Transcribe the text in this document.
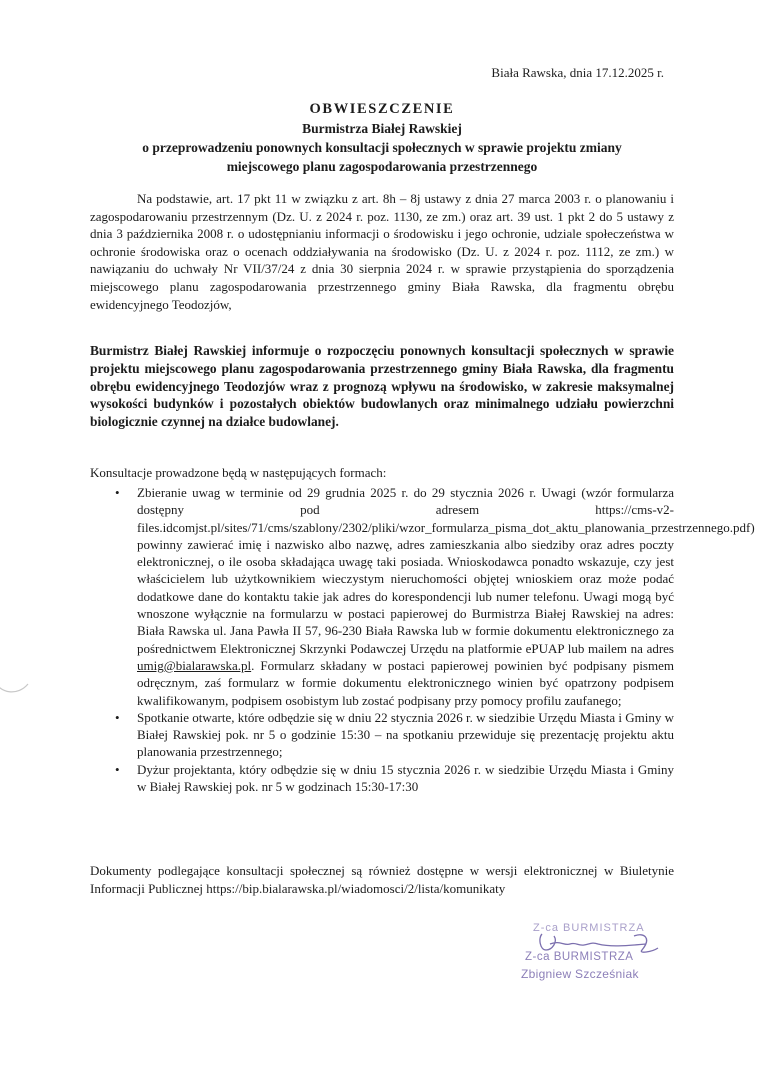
Biała Rawska, dnia 17.12.2025 r.
OBWIESZCZENIE
Burmistrza Białej Rawskiej
o przeprowadzeniu ponownych konsultacji społecznych w sprawie projektu zmiany
miejscowego planu zagospodarowania przestrzennego
Na podstawie, art. 17 pkt 11 w związku z art. 8h – 8j ustawy z dnia 27 marca 2003 r. o planowaniu i zagospodarowaniu przestrzennym (Dz. U. z 2024 r. poz. 1130, ze zm.) oraz art. 39 ust. 1 pkt 2 do 5 ustawy z dnia 3 października 2008 r. o udostępnianiu informacji o środowisku i jego ochronie, udziale społeczeństwa w ochronie środowiska oraz o ocenach oddziaływania na środowisko (Dz. U. z 2024 r. poz. 1112, ze zm.) w nawiązaniu do uchwały Nr VII/37/24 z dnia 30 sierpnia 2024 r. w sprawie przystąpienia do sporządzenia miejscowego planu zagospodarowania przestrzennego gminy Biała Rawska, dla fragmentu obrębu ewidencyjnego Teodozjów,
Burmistrz Białej Rawskiej informuje o rozpoczęciu ponownych konsultacji społecznych w sprawie projektu miejscowego planu zagospodarowania przestrzennego gminy Biała Rawska, dla fragmentu obrębu ewidencyjnego Teodozjów wraz z prognozą wpływu na środowisko, w zakresie maksymalnej wysokości budynków i pozostałych obiektów budowlanych oraz minimalnego udziału powierzchni biologicznie czynnej na działce budowlanej.
Konsultacje prowadzone będą w następujących formach:
• Zbieranie uwag w terminie od 29 grudnia 2025 r. do 29 stycznia 2026 r. Uwagi (wzór formularza dostępny pod adresem https://cms-v2-files.idcomjst.pl/sites/71/cms/szablony/2302/pliki/wzor_formularza_pisma_dot_aktu_planowania_przestrzennego.pdf) powinny zawierać imię i nazwisko albo nazwę, adres zamieszkania albo siedziby oraz adres poczty elektronicznej, o ile osoba składająca uwagę taki posiada. Wnioskodawca ponadto wskazuje, czy jest właścicielem lub użytkownikiem wieczystym nieruchomości objętej wnioskiem oraz może podać dodatkowe dane do kontaktu takie jak adres do korespondencji lub numer telefonu. Uwagi mogą być wnoszone wyłącznie na formularzu w postaci papierowej do Burmistrza Białej Rawskiej na adres: Biała Rawska ul. Jana Pawła II 57, 96-230 Biała Rawska lub w formie dokumentu elektronicznego za pośrednictwem Elektronicznej Skrzynki Podawczej Urzędu na platformie ePUAP lub mailem na adres umig@bialarawska.pl. Formularz składany w postaci papierowej powinien być podpisany pismem odręcznym, zaś formularz w formie dokumentu elektronicznego winien być opatrzony podpisem kwalifikowanym, podpisem osobistym lub zostać podpisany przy pomocy profilu zaufanego;
• Spotkanie otwarte, które odbędzie się w dniu 22 stycznia 2026 r. w siedzibie Urzędu Miasta i Gminy w Białej Rawskiej pok. nr 5 o godzinie 15:30 – na spotkaniu przewiduje się prezentację projektu aktu planowania przestrzennego;
• Dyżur projektanta, który odbędzie się w dniu 15 stycznia 2026 r. w siedzibie Urzędu Miasta i Gminy w Białej Rawskiej pok. nr 5 w godzinach 15:30-17:30
Dokumenty podlegające konsultacji społecznej są również dostępne w wersji elektronicznej w Biuletynie Informacji Publicznej https://bip.bialarawska.pl/wiadomosci/2/lista/komunikaty
Z-ca BURMISTRZA
Z-ca BURMISTRZA
Zbigniew Szcześniak
